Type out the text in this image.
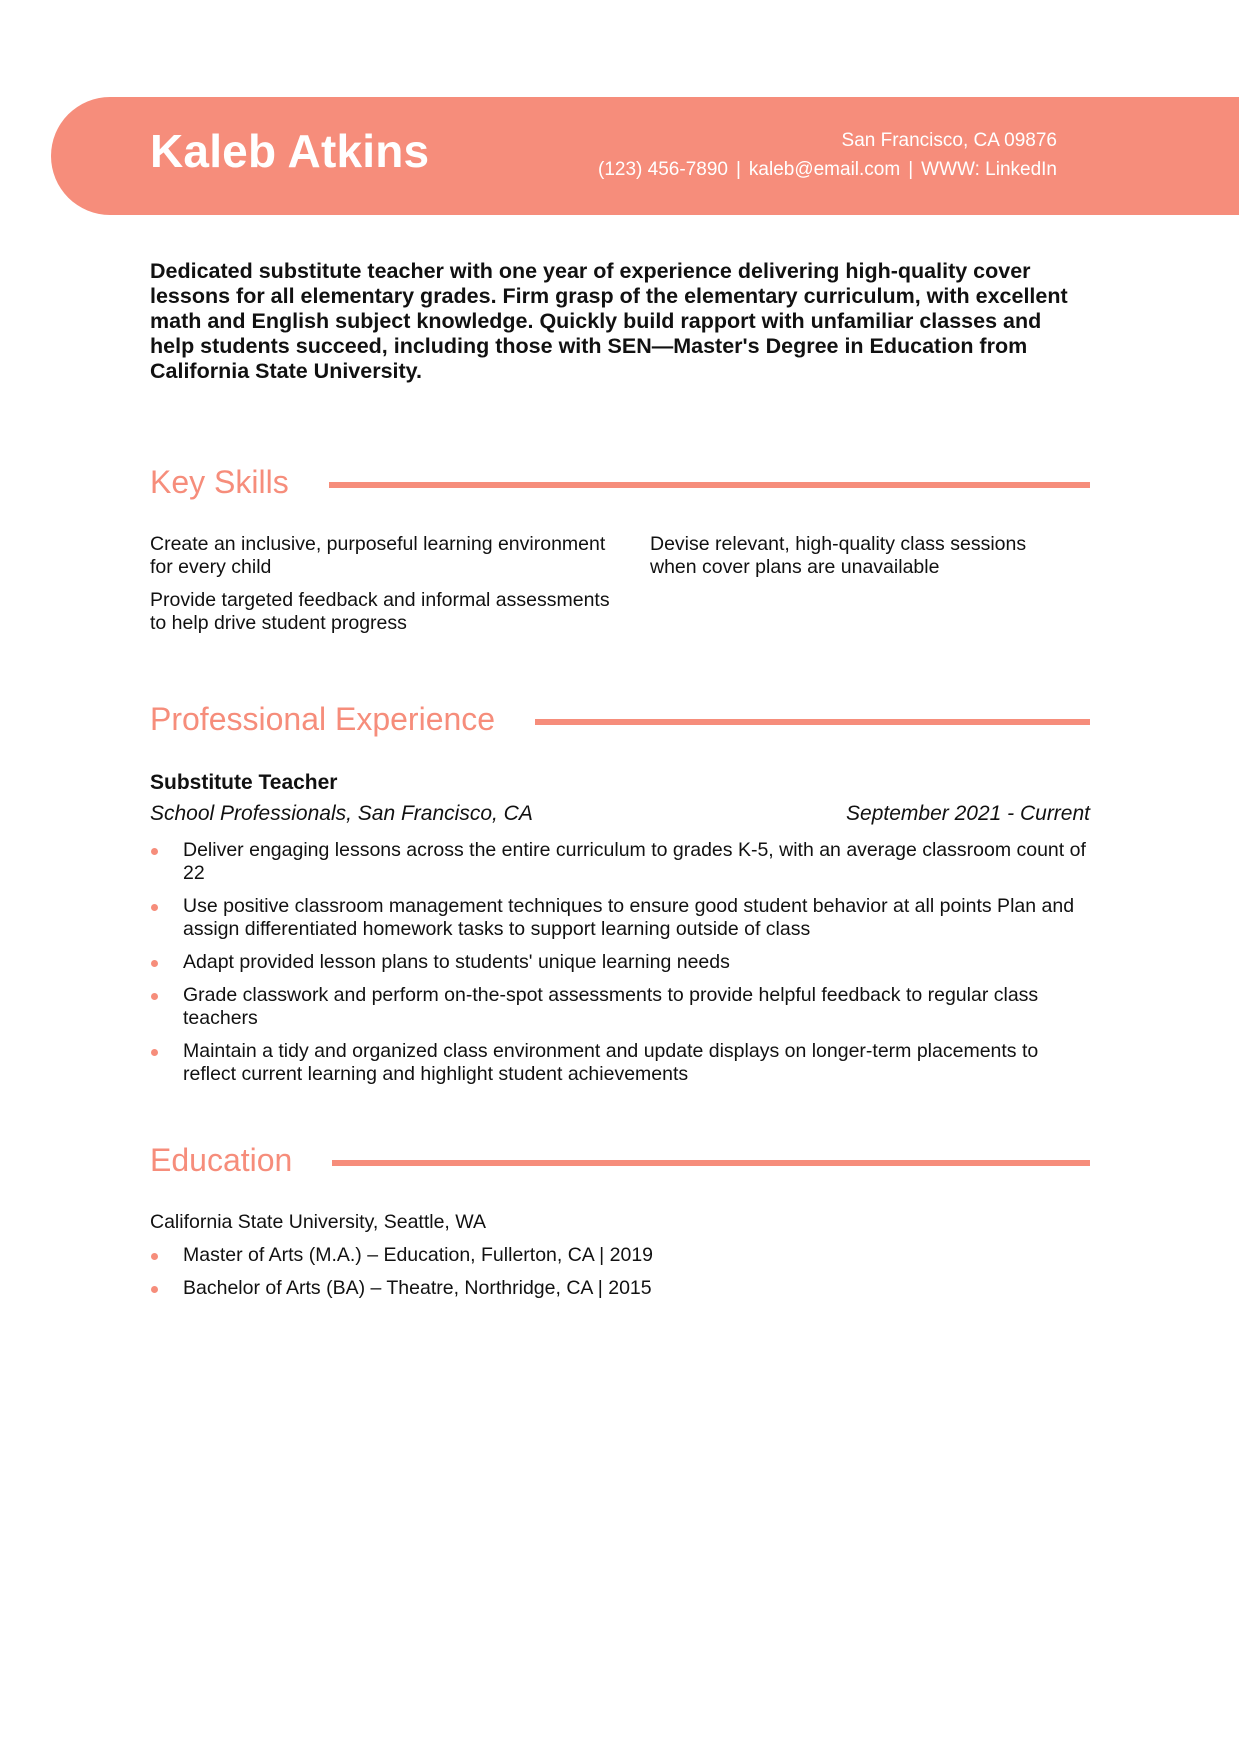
Kaleb Atkins	San Francisco, CA 09876
(123) 456-7890 | kaleb@email.com | WWW: LinkedIn

Dedicated substitute teacher with one year of experience delivering high-quality cover lessons for all elementary grades. Firm grasp of the elementary curriculum, with excellent math and English subject knowledge. Quickly build rapport with unfamiliar classes and help students succeed, including those with SEN—Master's Degree in Education from California State University.

Key Skills
Create an inclusive, purposeful learning environment for every child
Devise relevant, high-quality class sessions when cover plans are unavailable
Provide targeted feedback and informal assessments to help drive student progress
Professional Experience
Substitute Teacher
School Professionals, San Francisco, CA	September 2021 - Current
Deliver engaging lessons across the entire curriculum to grades K-5, with an average classroom count of 22
Use positive classroom management techniques to ensure good student behavior at all points Plan and assign differentiated homework tasks to support learning outside of class
Adapt provided lesson plans to students' unique learning needs
Grade classwork and perform on-the-spot assessments to provide helpful feedback to regular class teachers
Maintain a tidy and organized class environment and update displays on longer-term placements to reflect current learning and highlight student achievements
Education

California State University, Seattle, WA

Master of Arts (M.A.) – Education, Fullerton, CA | 2019
Bachelor of Arts (BA) – Theatre, Northridge, CA | 2015
